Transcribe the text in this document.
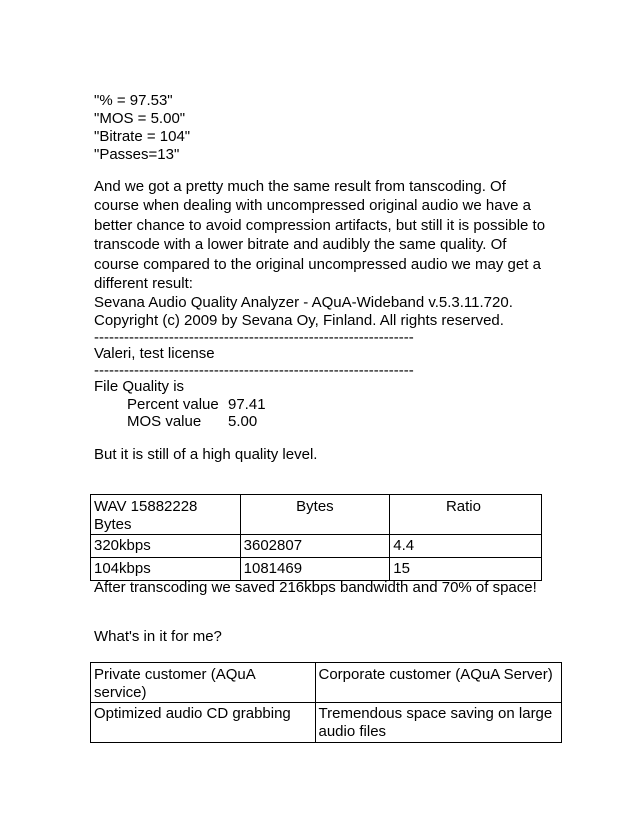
"% = 97.53"
"MOS = 5.00"
"Bitrate = 104"
"Passes=13"
And we got a pretty much the same result from tanscoding. Of course when dealing with uncompressed original audio we have a better chance to avoid compression artifacts, but still it is possible to transcode with a lower bitrate and audibly the same quality. Of course compared to the original uncompressed audio we may get a different result:
Sevana Audio Quality Analyzer - AQuA-Wideband v.5.3.11.720.
Copyright (c) 2009 by Sevana Oy, Finland. All rights reserved.
----------------------------------------------------------------
Valeri, test license
----------------------------------------------------------------
File Quality is
Percent value 97.41
MOS value 5.00
But it is still of a high quality level.
WAV 15882228 Bytes	Bytes	Ratio
320kbps	3602807	4.4
104kbps	1081469	15
After transcoding we saved 216kbps bandwidth and 70% of space!
What's in it for me?
Private customer (AQuA service)	Corporate customer (AQuA Server)
Optimized audio CD grabbing	Tremendous space saving on large audio files
